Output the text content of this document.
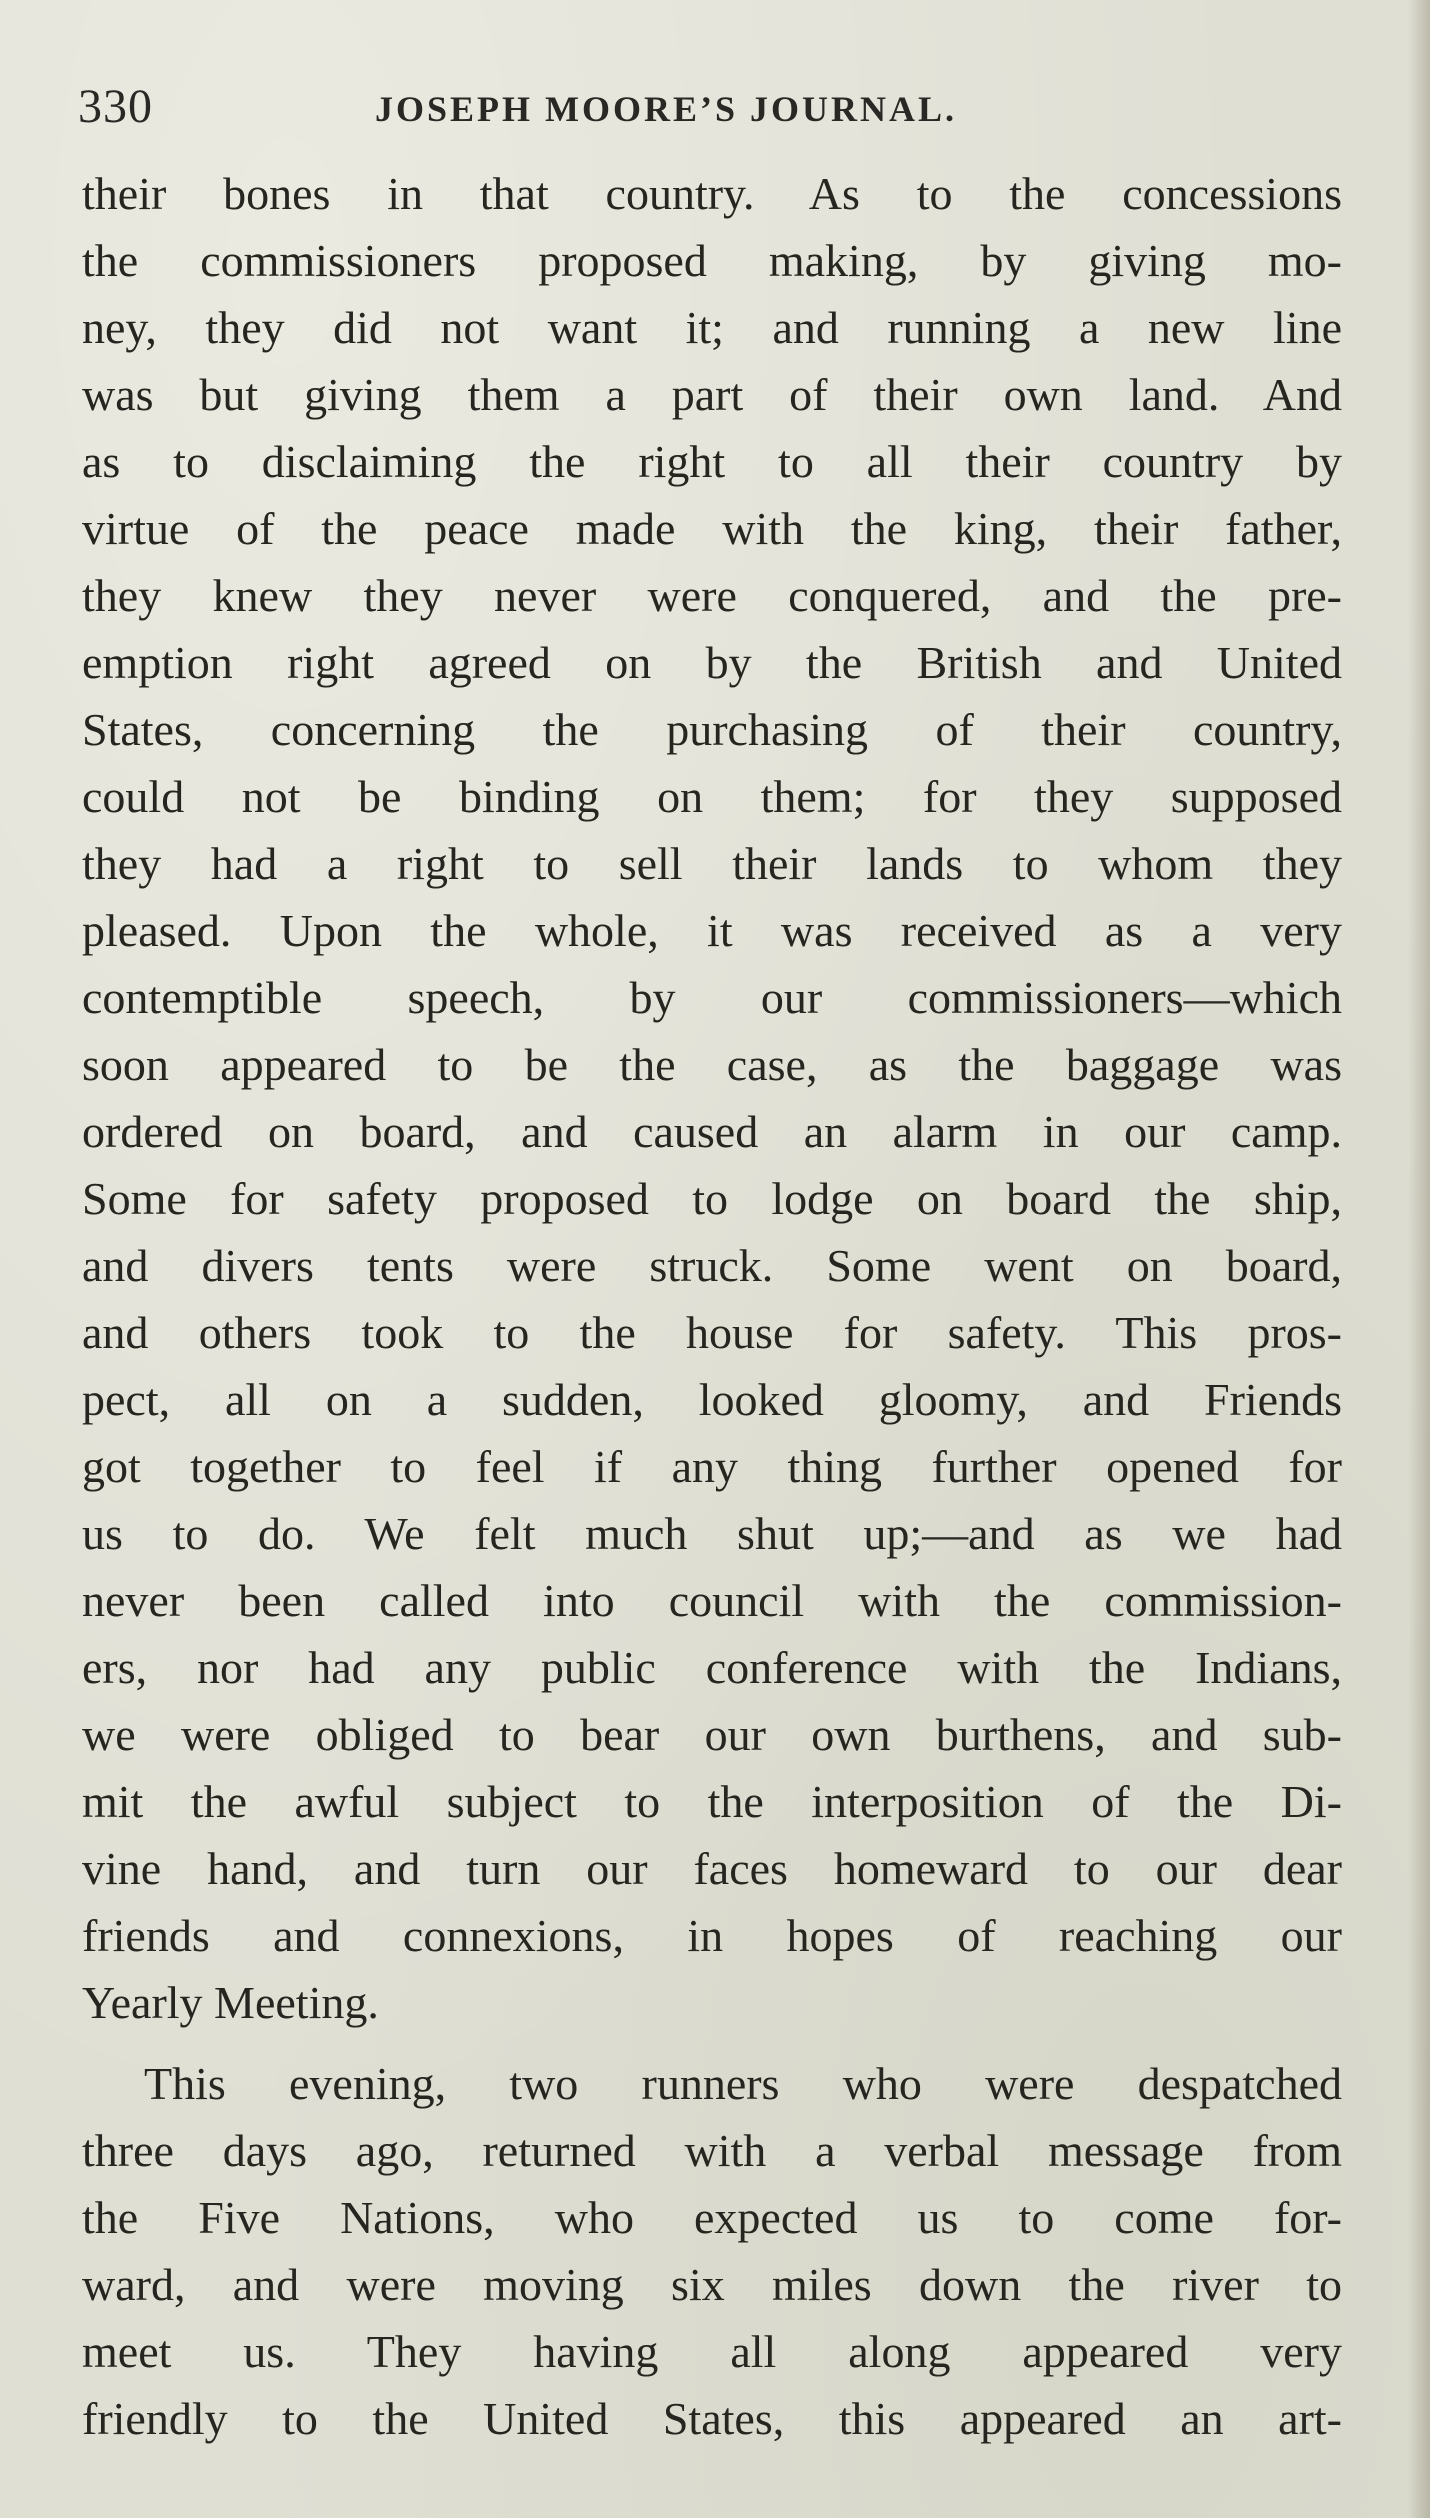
330	JOSEPH MOORE’S JOURNAL.
their bones in that country. As to the concessions
the commissioners proposed making, by giving mo-
ney, they did not want it; and running a new line
was but giving them a part of their own land. And
as to disclaiming the right to all their country by
virtue of the peace made with the king, their father,
they knew they never were conquered, and the pre-
emption right agreed on by the British and United
States, concerning the purchasing of their country,
could not be binding on them; for they supposed
they had a right to sell their lands to whom they
pleased. Upon the whole, it was received as a very
contemptible speech, by our commissioners—which
soon appeared to be the case, as the baggage was
ordered on board, and caused an alarm in our camp.
Some for safety proposed to lodge on board the ship,
and divers tents were struck. Some went on board,
and others took to the house for safety. This pros-
pect, all on a sudden, looked gloomy, and Friends
got together to feel if any thing further opened for
us to do. We felt much shut up;—and as we had
never been called into council with the commission-
ers, nor had any public conference with the Indians,
we were obliged to bear our own burthens, and sub-
mit the awful subject to the interposition of the Di-
vine hand, and turn our faces homeward to our dear
friends and connexions, in hopes of reaching our
Yearly Meeting.
This evening, two runners who were despatched
three days ago, returned with a verbal message from
the Five Nations, who expected us to come for-
ward, and were moving six miles down the river to
meet us. They having all along appeared very
friendly to the United States, this appeared an art-
